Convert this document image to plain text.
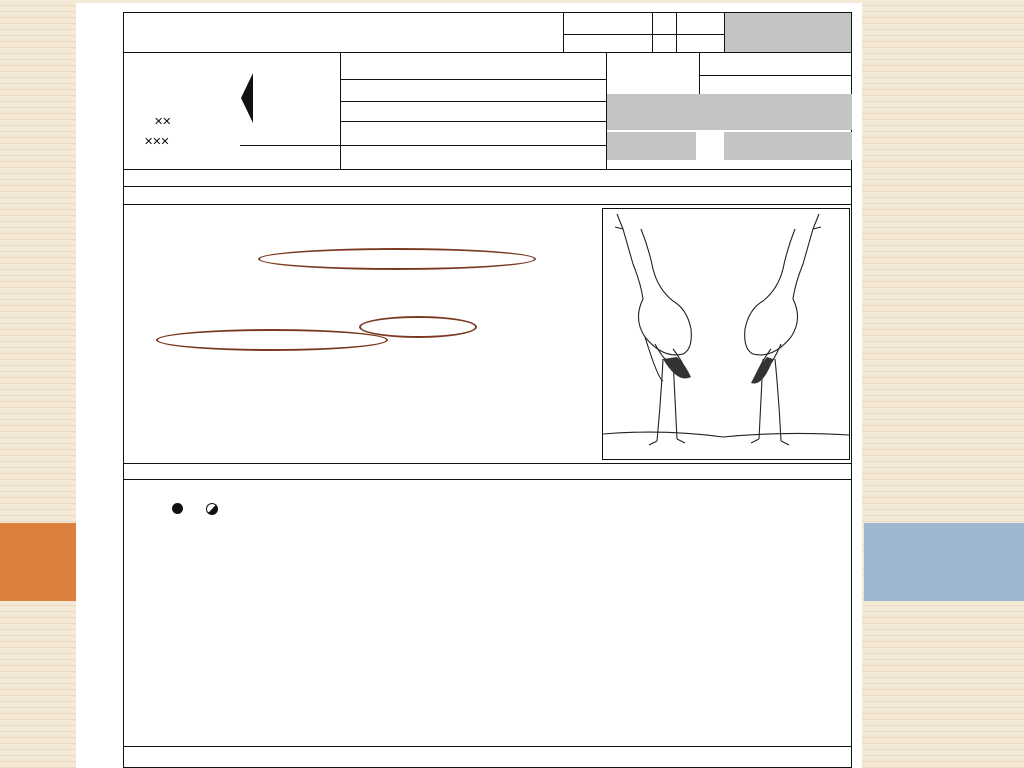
✕✕
✕✕✕
